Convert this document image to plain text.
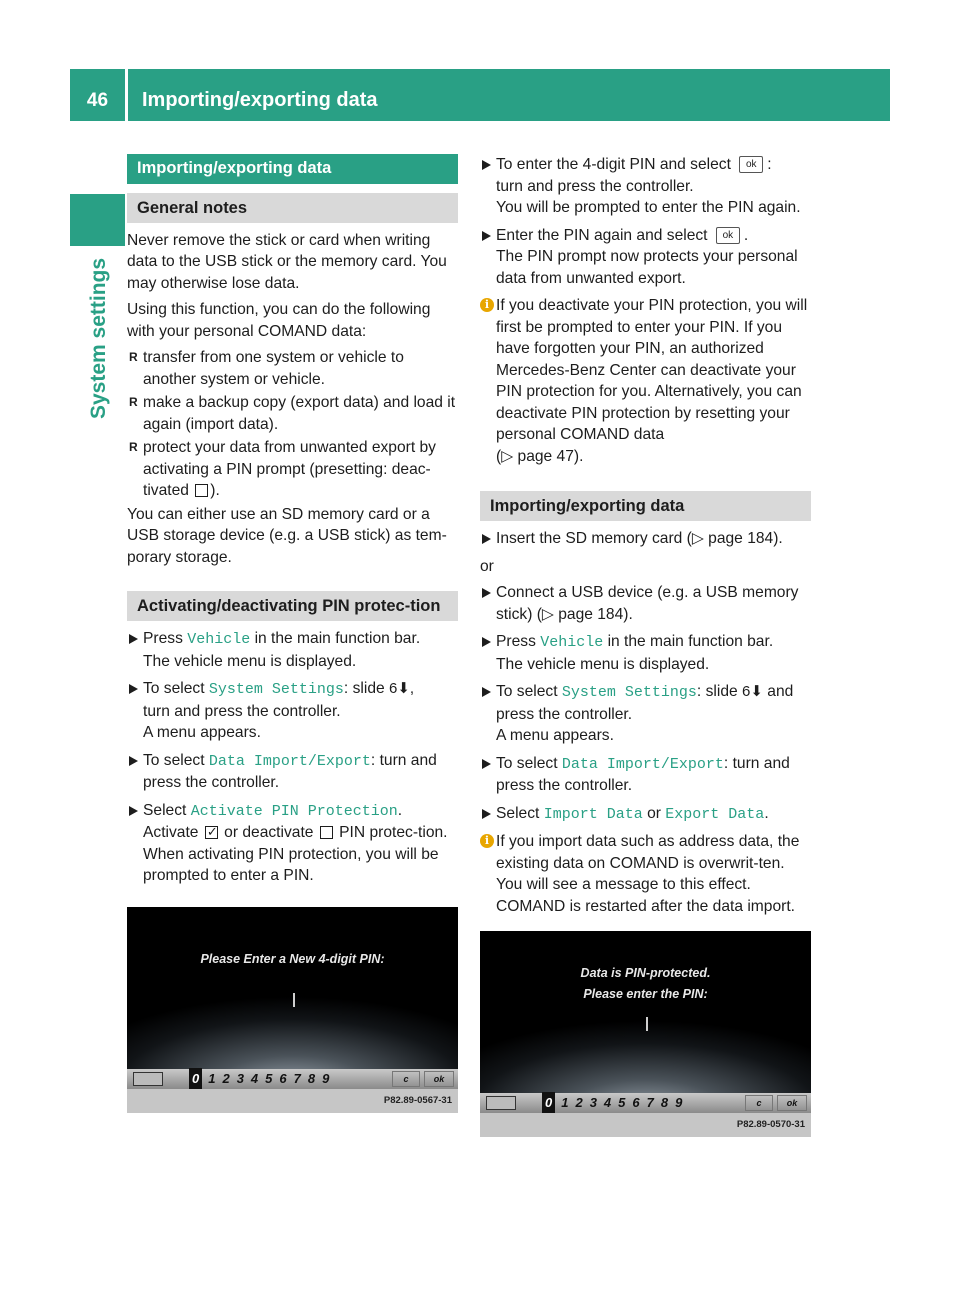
46	Importing/exporting data
System settings
Importing/exporting data
General notes

Never remove the stick or card when writing data to the USB stick or the memory card. You may otherwise lose data.

Using this function, you can do the following with your personal COMAND data:

R transfer from one system or vehicle to another system or vehicle.
R make a backup copy (export data) and load it again (import data).
R protect your data from unwanted export by activating a PIN prompt (presetting: deac-tivated ).

You can either use an SD memory card or a USB storage device (e.g. a USB stick) as tem-porary storage.

Activating/deactivating PIN protec-tion
Press Vehicle in the main function bar.
The vehicle menu is displayed.
To select System Settings: slide 6⬇,
turn and press the controller.
A menu appears.
To select Data Import/Export: turn and press the controller.
Select Activate PIN Protection.
Activate ✓ or deactivate PIN protec-tion. When activating PIN protection, you will be prompted to enter a PIN.
Please Enter a New 4-digit PIN:
0 123456789	c	ok
P82.89-0567-31
To enter the 4-digit PIN and select ok :
turn and press the controller.
You will be prompted to enter the PIN again.
Enter the PIN again and select ok .
The PIN prompt now protects your personal data from unwanted export.
i If you deactivate your PIN protection, you will first be prompted to enter your PIN. If you have forgotten your PIN, an authorized Mercedes-Benz Center can deactivate your PIN protection for you. Alternatively, you can deactivate PIN protection by resetting your personal COMAND data
(▷ page 47).
Importing/exporting data
Insert the SD memory card (▷ page 184).

or

Connect a USB device (e.g. a USB memory stick) (▷ page 184).
Press Vehicle in the main function bar.
The vehicle menu is displayed.
To select System Settings: slide 6⬇ and press the controller.
A menu appears.
To select Data Import/Export: turn and press the controller.
Select Import Data or Export Data.
i If you import data such as address data, the existing data on COMAND is overwrit-ten. You will see a message to this effect. COMAND is restarted after the data import.
Data is PIN-protected.
Please enter the PIN:
0 123456789	c	ok
P82.89-0570-31
